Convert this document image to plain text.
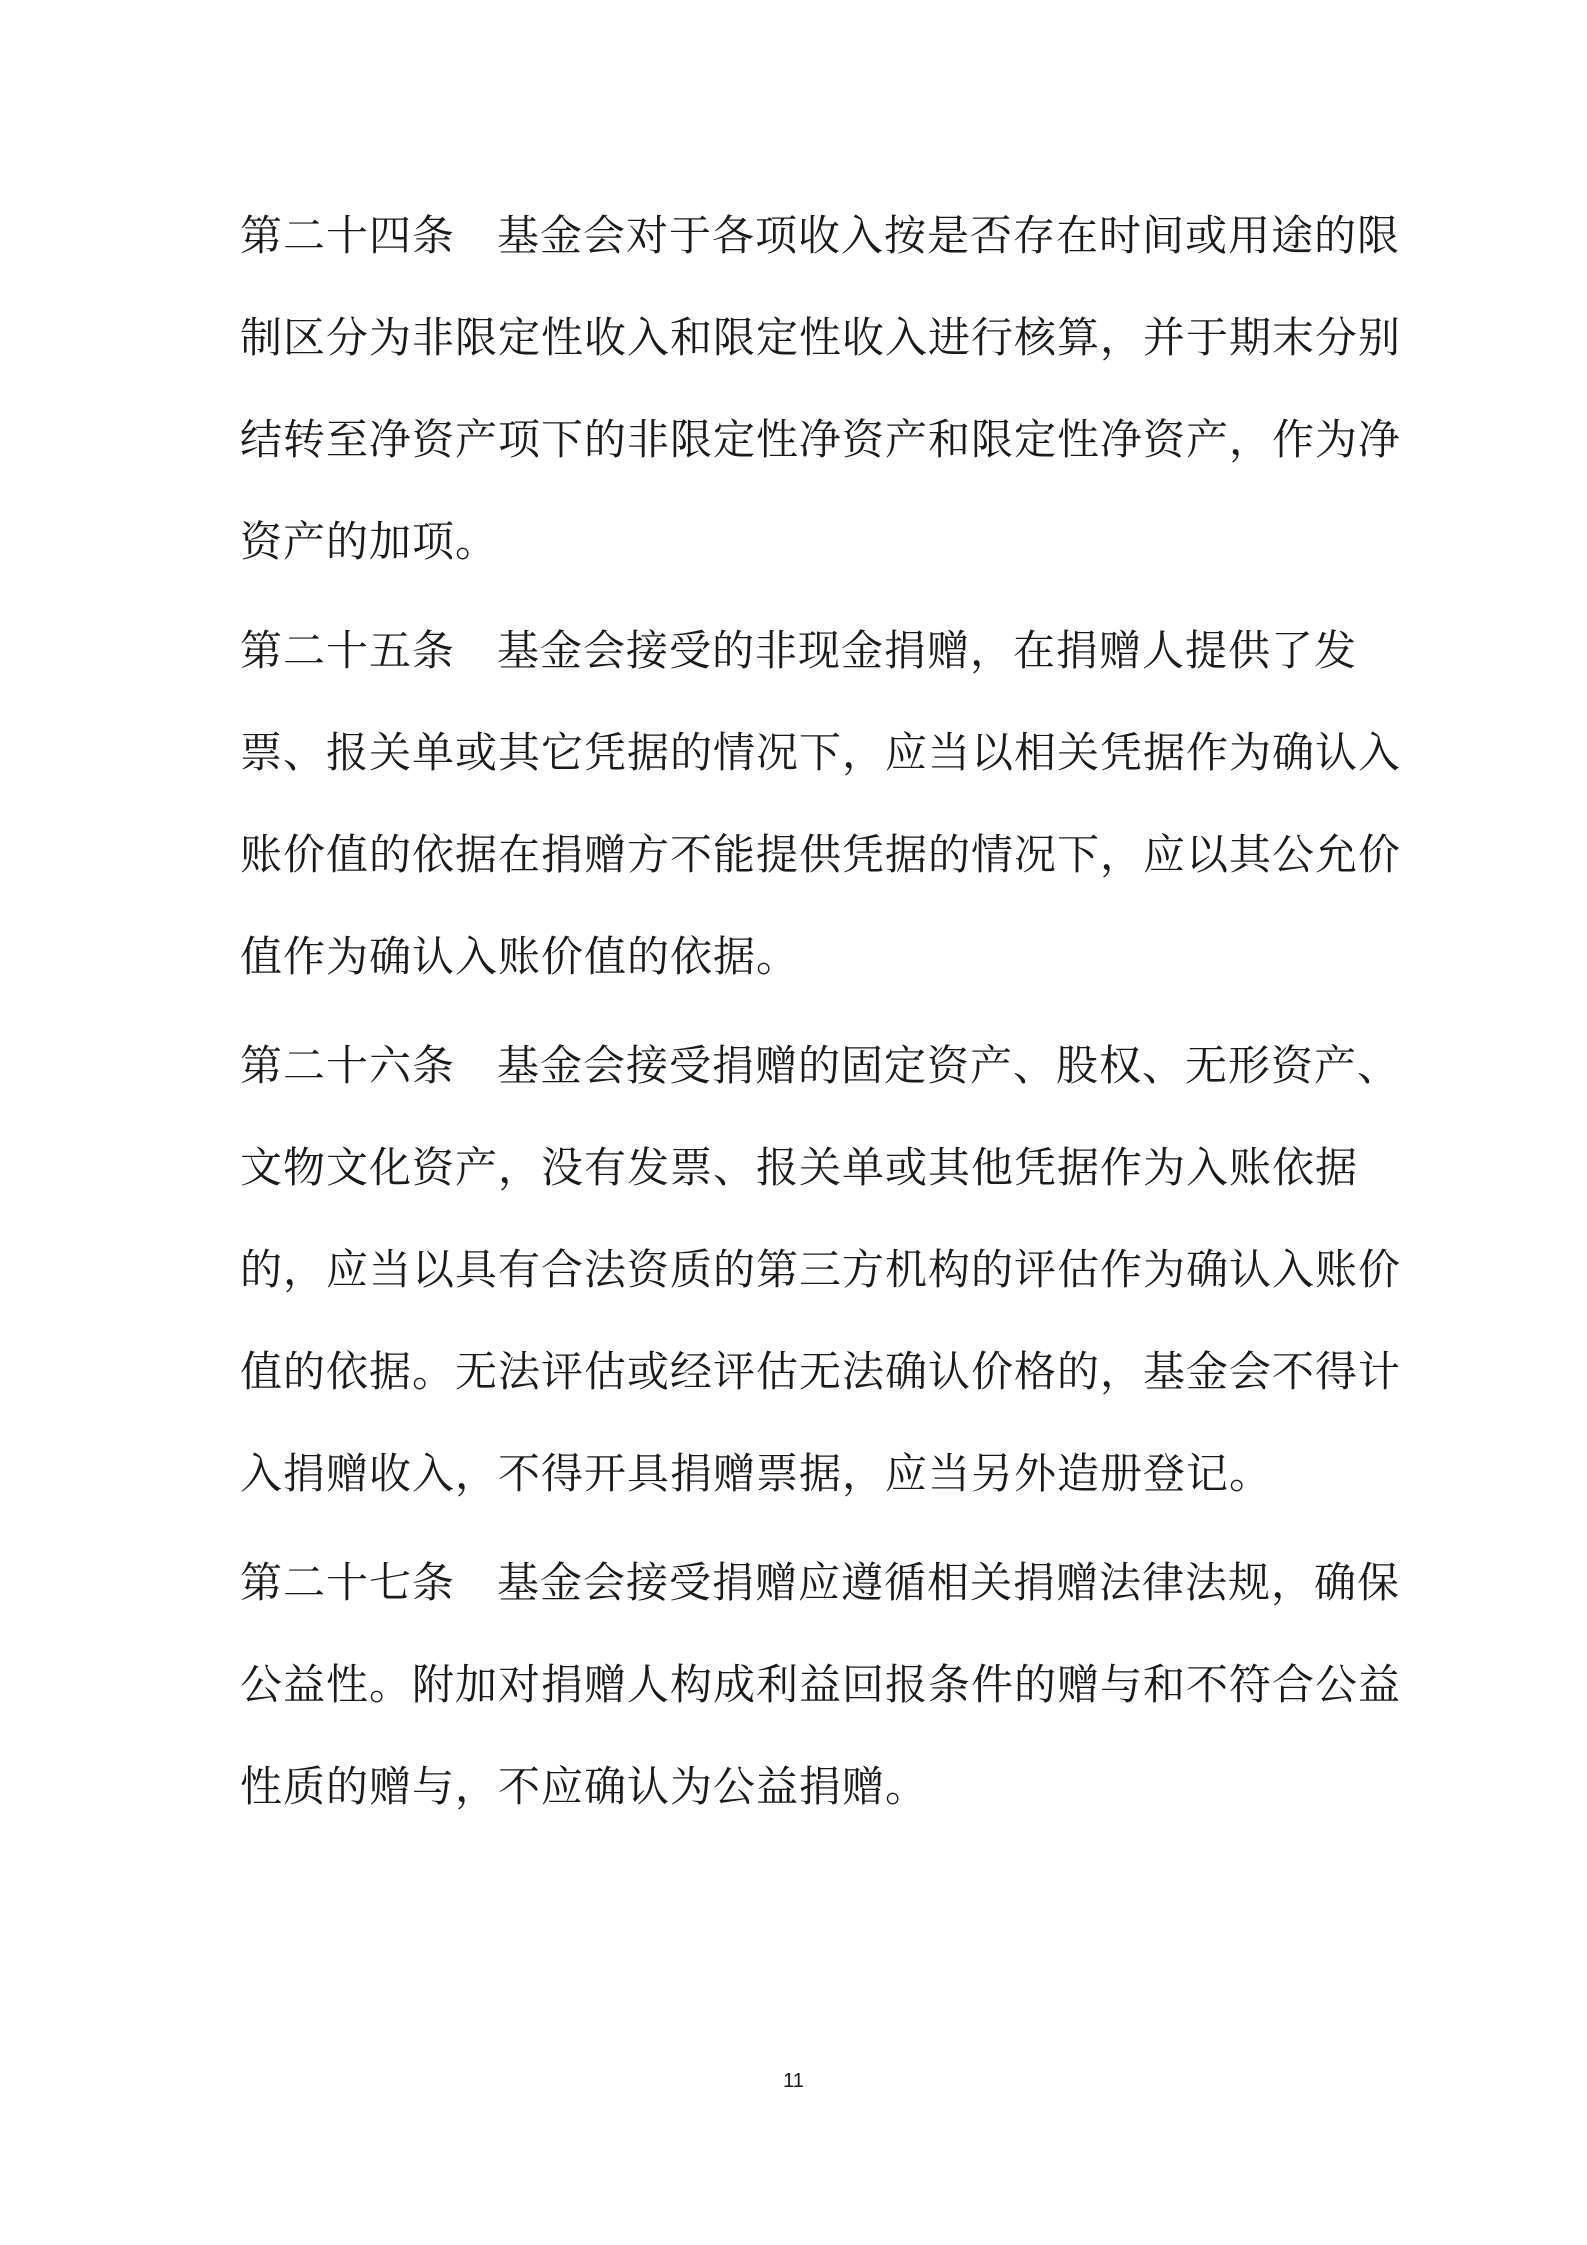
第二十四条 基金会对于各项收入按是否存在时间或用途的限制区分为非限定性收入和限定性收入进行核算，并于期末分别结转至净资产项下的非限定性净资产和限定性净资产，作为净资产的加项。

第二十五条 基金会接受的非现金捐赠，在捐赠人提供了发票、报关单或其它凭据的情况下，应当以相关凭据作为确认入账价值的依据在捐赠方不能提供凭据的情况下，应以其公允价 值作为确认入账价值的依据。

第二十六条 基金会接受捐赠的固定资产、股权、无形资产、文物文化资产，没有发票、报关单或其他凭据作为入账依据的，应当以具有合法资质的第三方机构的评估作为确认入账价值的依据。无法评估或经评估无法确认价格的，基金会不得计入捐赠收入，不得开具捐赠票据，应当另外造册登记。

第二十七条 基金会接受捐赠应遵循相关捐赠法律法规，确保公益性。附加对捐赠人构成利益回报条件的赠与和不符合公益性质的赠与，不应确认为公益捐赠。

11
